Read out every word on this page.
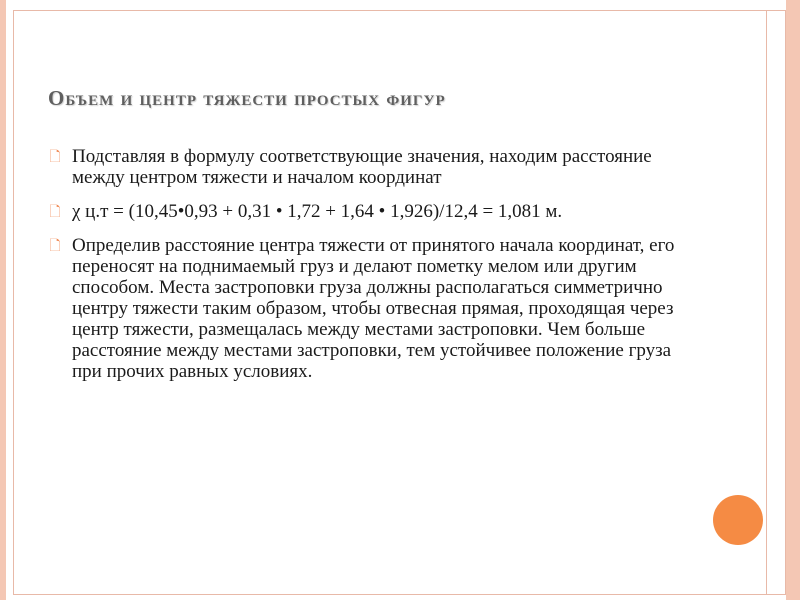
Объем и центр тяжести простых фигур
🗋 Подставляя в формулу соответствующие значения, находим расстояние между центром тяжести и началом координат
🗋 χ ц.т = (10,45•0,93 + 0,31 • 1,72 + 1,64 • 1,926)/12,4 = 1,081 м.
🗋 Определив расстояние центра тяжести от принятого начала координат, его переносят на поднимаемый груз и делают пометку мелом или другим способом. Места застроповки груза должны располагаться симметрично центру тяжести таким образом, чтобы отвесная прямая, проходящая через центр тяжести, размещалась между местами застроповки. Чем больше расстояние между местами застроповки, тем устойчивее положение груза при прочих равных условиях.
